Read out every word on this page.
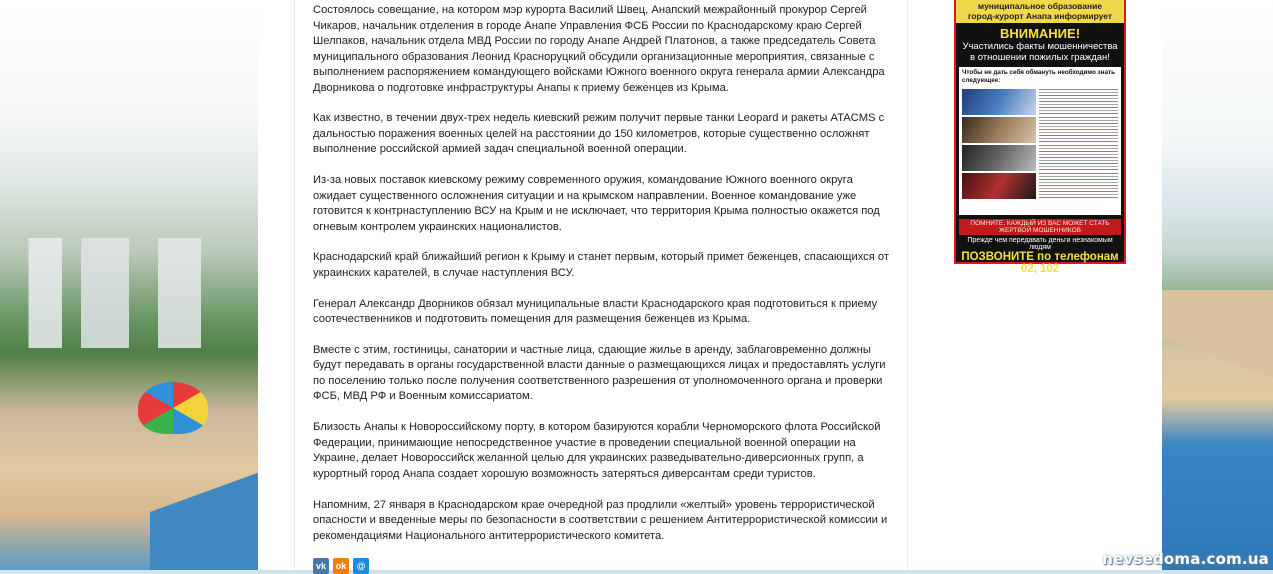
Состоялось совещание, на котором мэр курорта Василий Швец, Анапский межрайонный прокурор Сергей Чикаров, начальник отделения в городе Анапе Управления ФСБ России по Краснодарскому краю Сергей Шелпаков, начальник отдела МВД России по городу Анапе Андрей Платонов, а также председатель Совета муниципального образования Леонид Красноруцкий обсудили организационные мероприятия, связанные с выполнением распоряжением командующего войсками Южного военного округа генерала армии Александра Дворникова о подготовке инфраструктуры Анапы к приему беженцев из Крыма.

Как известно, в течении двух-трех недель киевский режим получит первые танки Leopard и ракеты ATACMS с дальностью поражения военных целей на расстоянии до 150 километров, которые существенно осложнят выполнение российской армией задач специальной военной операции.

Из-за новых поставок киевскому режиму современного оружия, командование Южного военного округа ожидает существенного осложнения ситуации и на крымском направлении. Военное командование уже готовится к контрнаступлению ВСУ на Крым и не исключает, что территория Крыма полностью окажется под огневым контролем украинских националистов.

Краснодарский край ближайший регион к Крыму и станет первым, который примет беженцев, спасающихся от украинских карателей, в случае наступления ВСУ.

Генерал Александр Дворников обязал муниципальные власти Краснодарского края подготовиться к приему соотечественников и подготовить помещения для размещения беженцев из Крыма.

Вместе с этим, гостиницы, санатории и частные лица, сдающие жилье в аренду, заблаговременно должны будут передавать в органы государственной власти данные о размещающихся лицах и предоставлять услуги по поселению только после получения соответственного разрешения от уполномоченного органа и проверки ФСБ, МВД РФ и Военным комиссариатом.

Близость Анапы к Новороссийскому порту, в котором базируются корабли Черноморского флота Российской Федерации, принимающие непосредственное участие в проведении специальной военной операции на Украине, делает Новороссийск желанной целью для украинских разведывательно-диверсионных групп, а курортный город Анапа создает хорошую возможность затеряться диверсантам среди туристов.

Напомним, 27 января в Краснодарском крае очередной раз продлили «желтый» уровень террористической опасности и введенные меры по безопасности в соответствии с решением Антитеррористической комиссии и рекомендациями Национального антитеррористического комитета.

vk	ok	@
муниципальное образование
город-курорт Анапа информирует
ВНИМАНИЕ!
Участились факты мошенничества
в отношении пожилых граждан!
Чтобы не дать себя обмануть необходимо знать следующее:
ПОМНИТЕ, КАЖДЫЙ ИЗ ВАС МОЖЕТ СТАТЬ ЖЕРТВОЙ МОШЕННИКОВ
Прежде чем передавать деньги незнакомым людям
ПОЗВОНИТЕ по телефонам 02, 102
или своему участковому уполномоченному полиции
nevsedoma.com.ua
